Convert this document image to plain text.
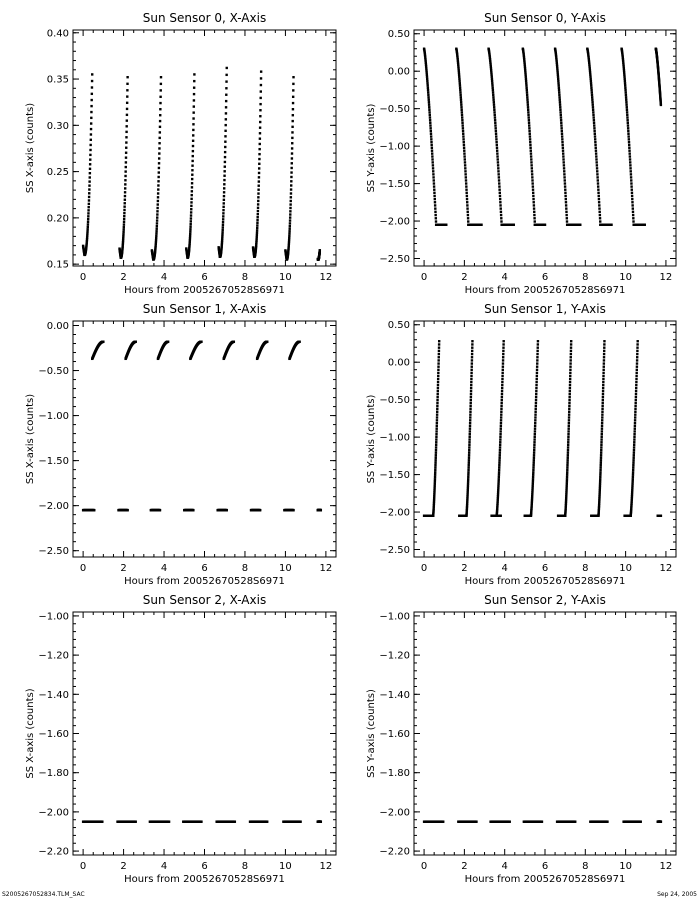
Sun Sensor 0, X-Axis
Hours from 20052670528S6971
SS X-axis (counts)
0	2	4	6	8	10	12
0.15
0.20
0.25
0.30
0.35
0.40
Sun Sensor 0, Y-Axis
Hours from 20052670528S6971
SS Y-axis (counts)
0	2	4	6	8	10	12
0.50
0.00
−0.50
−1.00
−1.50
−2.00
−2.50
Sun Sensor 1, X-Axis
Hours from 20052670528S6971
SS X-axis (counts)
0	2	4	6	8	10	12
0.00
−0.50
−1.00
−1.50
−2.00
−2.50
Sun Sensor 1, Y-Axis
Hours from 20052670528S6971
SS Y-axis (counts)
0	2	4	6	8	10	12
0.50
0.00
−0.50
−1.00
−1.50
−2.00
−2.50
Sun Sensor 2, X-Axis
Hours from 20052670528S6971
SS X-axis (counts)
0	2	4	6	8	10	12
−1.00
−1.20
−1.40
−1.60
−1.80
−2.00
−2.20
Sun Sensor 2, Y-Axis
Hours from 20052670528S6971
SS Y-axis (counts)
0	2	4	6	8	10	12
−1.00
−1.20
−1.40
−1.60
−1.80
−2.00
−2.20
S2005267052834.TLM_SAC	Sep 24, 2005
